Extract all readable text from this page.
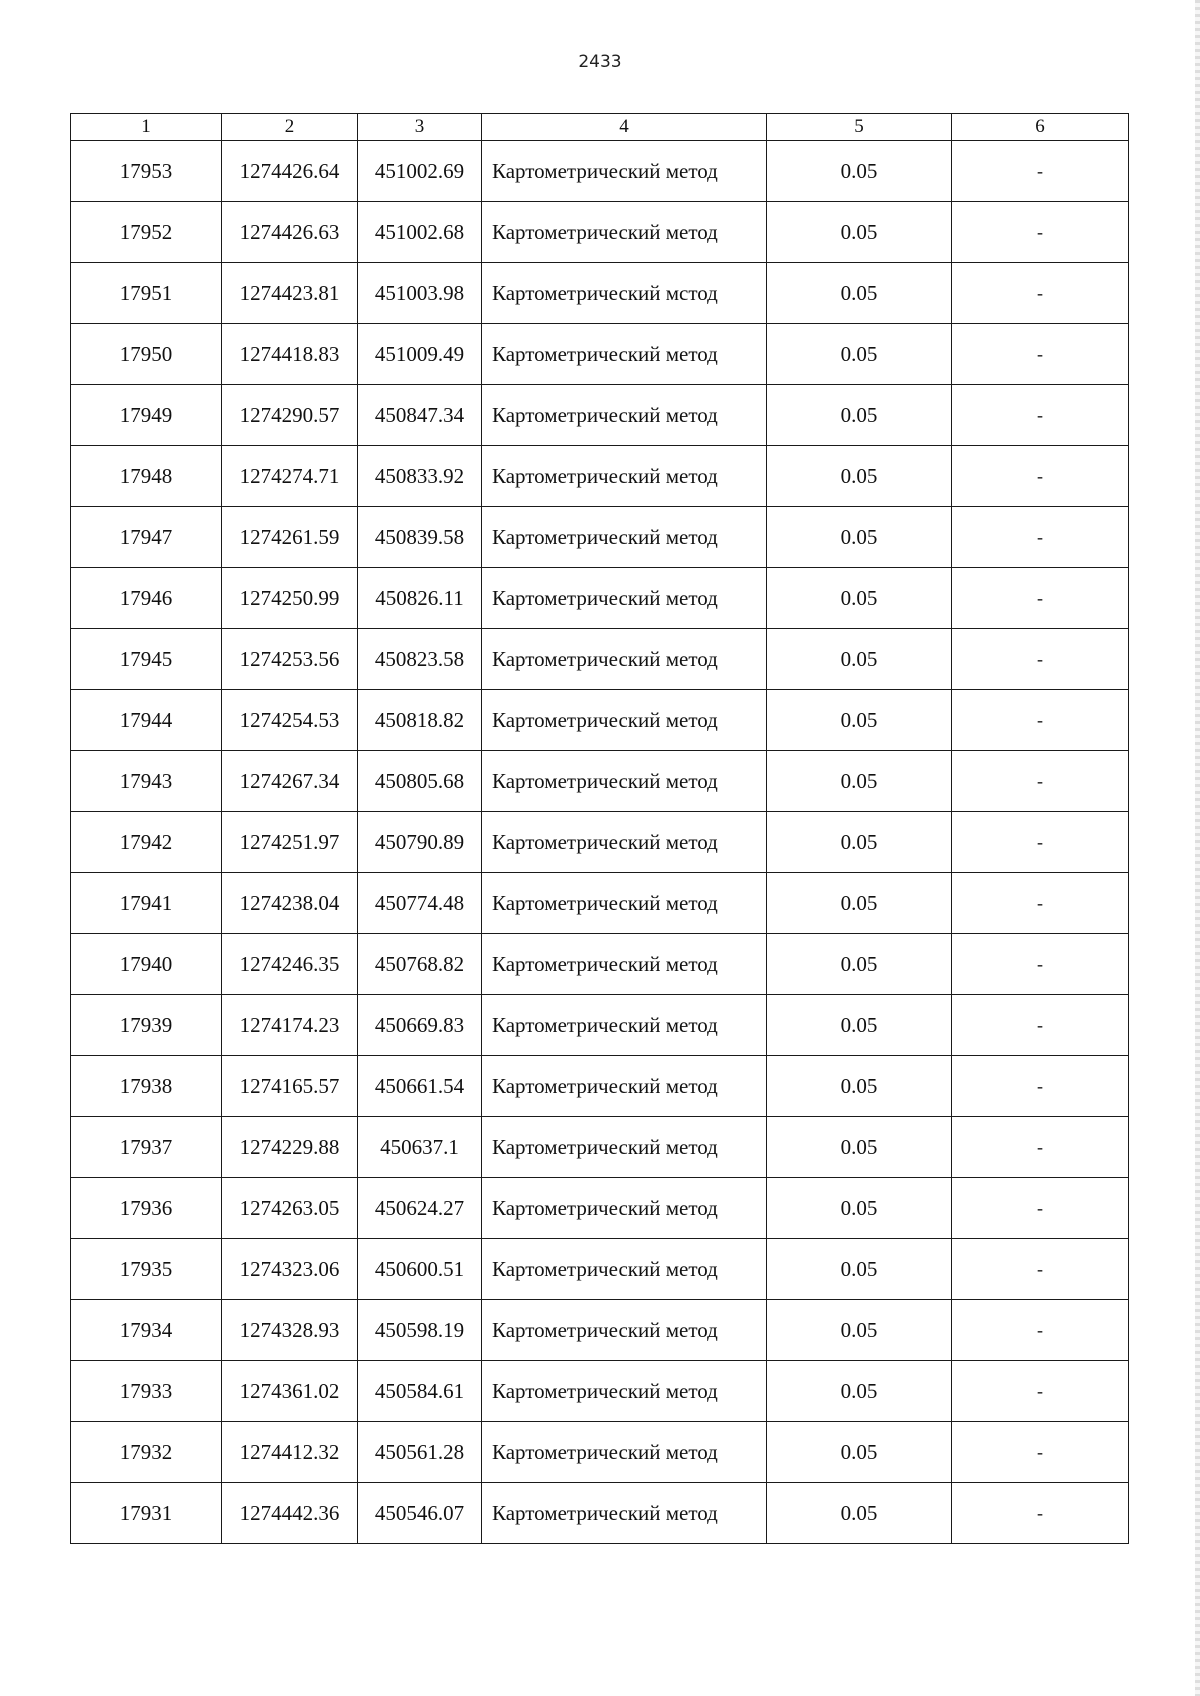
2433
1	2	3	4	5	6
17953	1274426.64	451002.69	Картометрический метод	0.05	-
17952	1274426.63	451002.68	Картометрический метод	0.05	-
17951	1274423.81	451003.98	Картометрический мстод	0.05	-
17950	1274418.83	451009.49	Картометрический метод	0.05	-
17949	1274290.57	450847.34	Картометрический метод	0.05	-
17948	1274274.71	450833.92	Картометрический метод	0.05	-
17947	1274261.59	450839.58	Картометрический метод	0.05	-
17946	1274250.99	450826.11	Картометрический метод	0.05	-
17945	1274253.56	450823.58	Картометрический метод	0.05	-
17944	1274254.53	450818.82	Картометрический метод	0.05	-
17943	1274267.34	450805.68	Картометрический метод	0.05	-
17942	1274251.97	450790.89	Картометрический метод	0.05	-
17941	1274238.04	450774.48	Картометрический метод	0.05	-
17940	1274246.35	450768.82	Картометрический метод	0.05	-
17939	1274174.23	450669.83	Картометрический метод	0.05	-
17938	1274165.57	450661.54	Картометрический метод	0.05	-
17937	1274229.88	450637.1	Картометрический метод	0.05	-
17936	1274263.05	450624.27	Картометрический метод	0.05	-
17935	1274323.06	450600.51	Картометрический метод	0.05	-
17934	1274328.93	450598.19	Картометрический метод	0.05	-
17933	1274361.02	450584.61	Картометрический метод	0.05	-
17932	1274412.32	450561.28	Картометрический метод	0.05	-
17931	1274442.36	450546.07	Картометрический метод	0.05	-
